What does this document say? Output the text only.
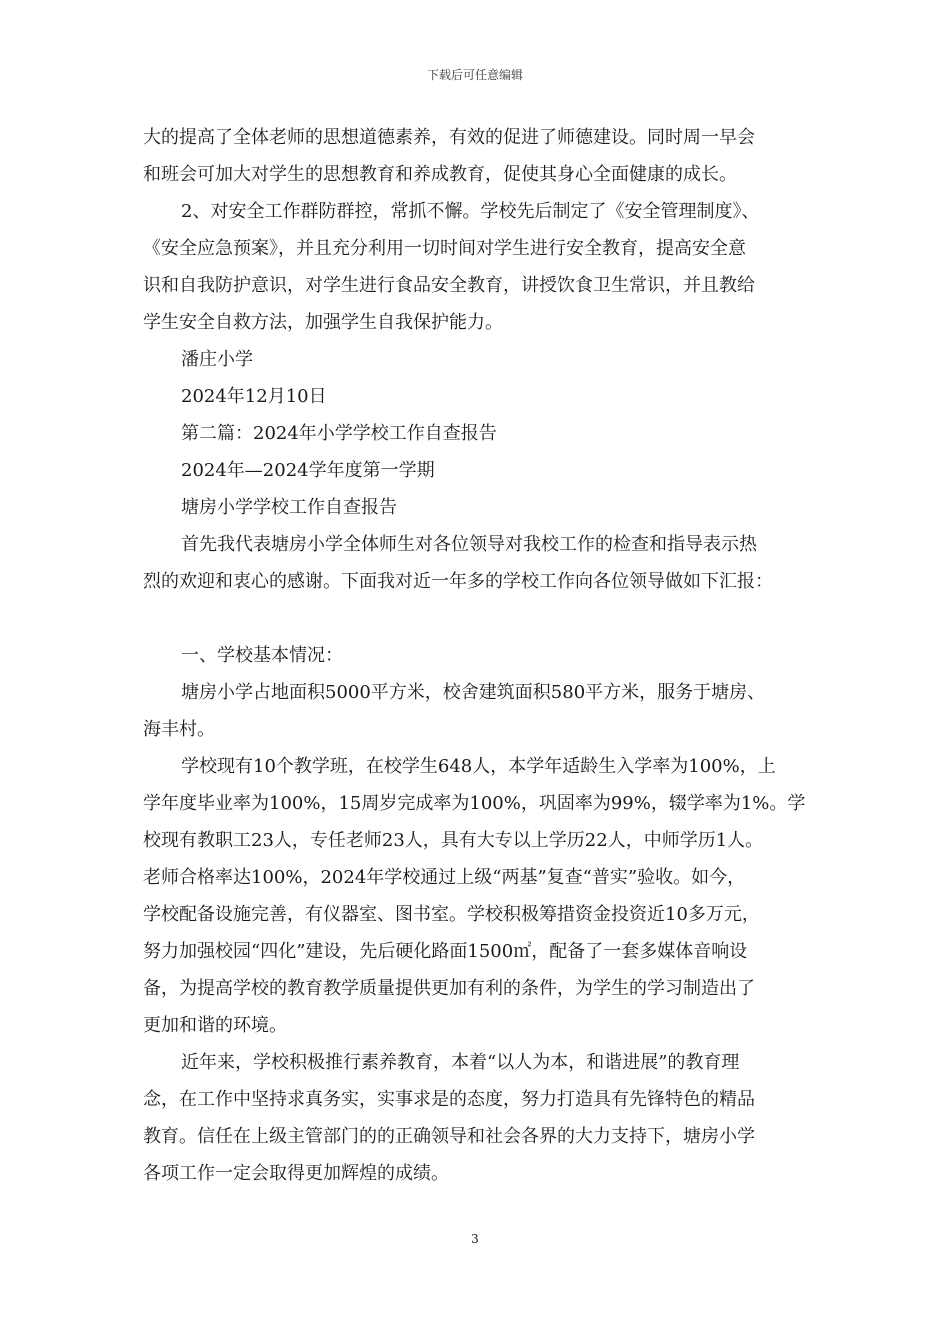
下载后可任意编辑
大的提高了全体老师的思想道德素养，有效的促进了师德建设。同时周一早会
和班会可加大对学生的思想教育和养成教育，促使其身心全面健康的成长。
2、对安全工作群防群控，常抓不懈。学校先后制定了《安全管理制度》、
《安全应急预案》，并且充分利用一切时间对学生进行安全教育，提高安全意
识和自我防护意识，对学生进行食品安全教育，讲授饮食卫生常识，并且教给
学生安全自救方法，加强学生自我保护能力。
潘庄小学
2024年12月10日
第二篇：2024年小学学校工作自查报告
2024年—2024学年度第一学期
塘房小学学校工作自查报告
首先我代表塘房小学全体师生对各位领导对我校工作的检查和指导表示热
烈的欢迎和衷心的感谢。下面我对近一年多的学校工作向各位领导做如下汇报：
一、学校基本情况：
塘房小学占地面积5000平方米，校舍建筑面积580平方米，服务于塘房、
海丰村。
学校现有10个教学班，在校学生648人，本学年适龄生入学率为100%，上
学年度毕业率为100%，15周岁完成率为100%，巩固率为99%，辍学率为1%。学
校现有教职工23人，专任老师23人，具有大专以上学历22人，中师学历1人。
老师合格率达100%，2024年学校通过上级“两基”复查“普实”验收。如今，
学校配备设施完善，有仪器室、图书室。学校积极筹措资金投资近10多万元，
努力加强校园“四化”建设，先后硬化路面1500㎡，配备了一套多媒体音响设
备，为提高学校的教育教学质量提供更加有利的条件，为学生的学习制造出了
更加和谐的环境。
近年来，学校积极推行素养教育，本着“以人为本，和谐进展”的教育理
念，在工作中坚持求真务实，实事求是的态度，努力打造具有先锋特色的精品
教育。信任在上级主管部门的的正确领导和社会各界的大力支持下，塘房小学
各项工作一定会取得更加辉煌的成绩。
3
